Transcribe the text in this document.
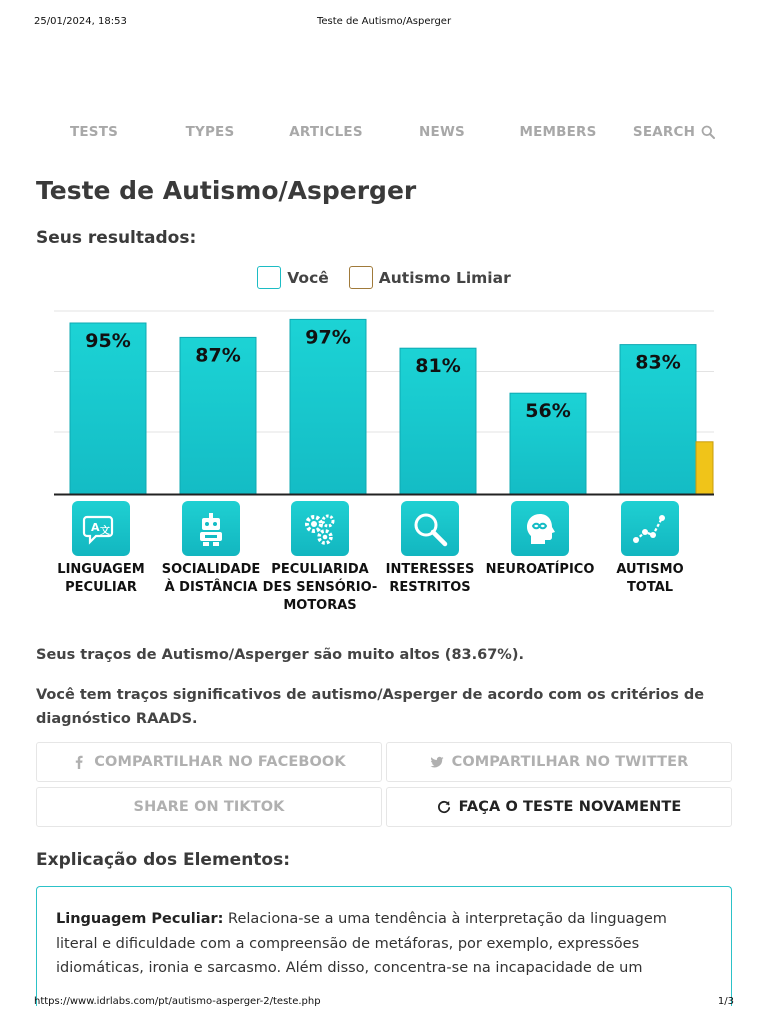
25/01/2024, 18:53	Teste de Autismo/Asperger
TESTS	TYPES	ARTICLES	NEWS	MEMBERS	SEARCH
Teste de Autismo/Asperger
Seus resultados:
Você	Autismo Limiar
95%
87%
97%
81%
56%
83%
A 文
LINGUAGEM
PECULIAR
SOCIALIDADE
À DISTÂNCIA
PECULIARIDA
DES SENSÓRIO-
MOTORAS
INTERESSES
RESTRITOS
NEUROATÍPICO	AUTISMO
TOTAL

Seus traços de Autismo/Asperger são muito altos (83.67%).

Você tem traços significativos de autismo/Asperger de acordo com os critérios de
diagnóstico RAADS.

COMPARTILHAR NO FACEBOOK	COMPARTILHAR NO TWITTER
SHARE ON TIKTOK	FAÇA O TESTE NOVAMENTE
Explicação dos Elementos:
Linguagem Peculiar: Relaciona-se a uma tendência à interpretação da linguagem
literal e dificuldade com a compreensão de metáforas, por exemplo, expressões
idiomáticas, ironia e sarcasmo. Além disso, concentra-se na incapacidade de um
https://www.idrlabs.com/pt/autismo-asperger-2/teste.php	1/3
